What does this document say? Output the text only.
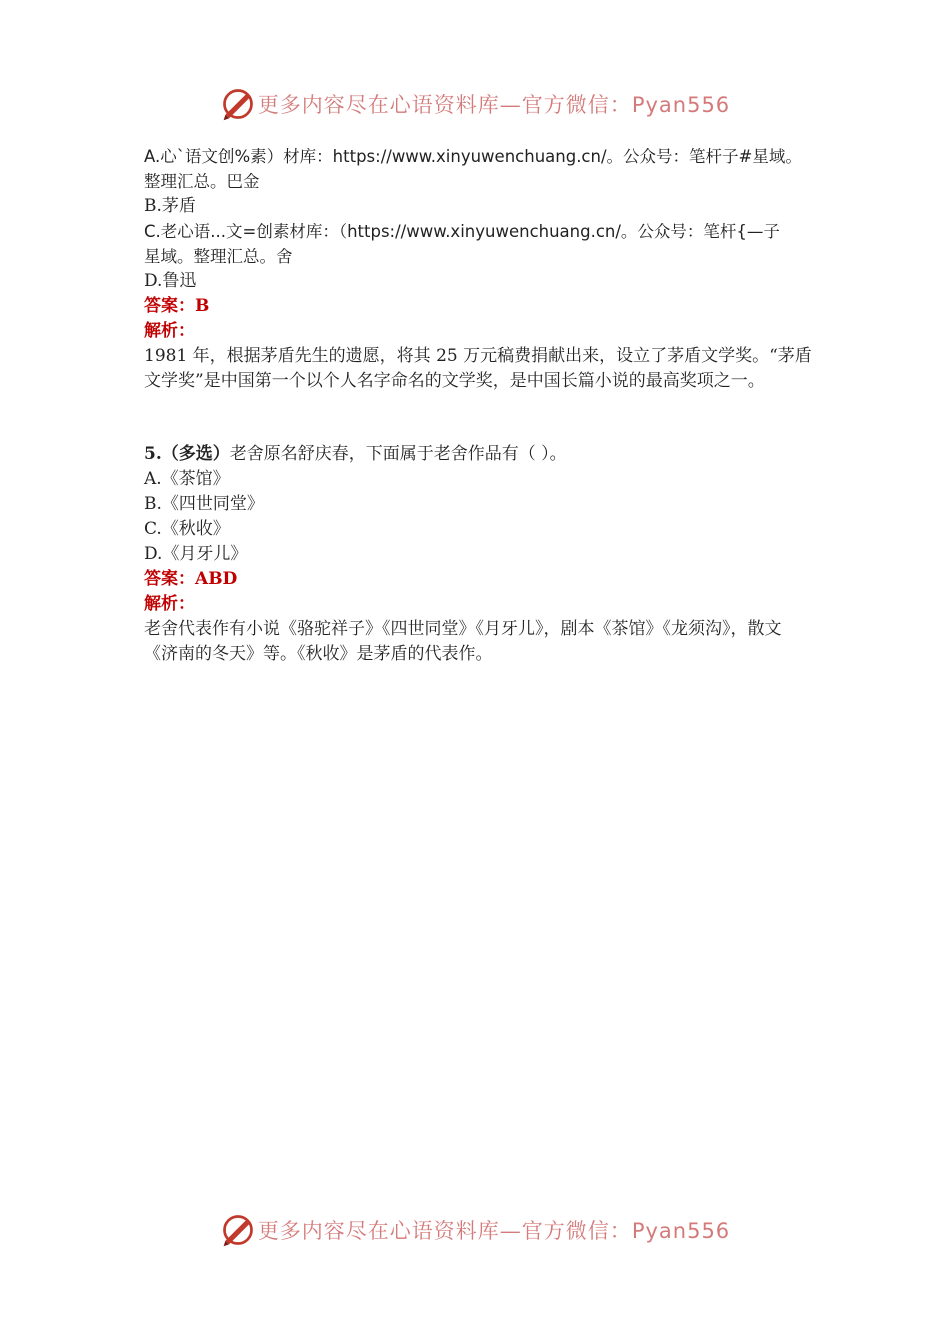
更多内容尽在心语资料库—官方微信：Pyan556
A.心`语文创%素）材库：https://www.xinyuwenchuang.cn/。公众号：笔杆子#星域。
整理汇总。巴金
B.茅盾
C.老心语...文=创素材库：（https://www.xinyuwenchuang.cn/。公众号：笔杆{—子
星域。整理汇总。舍
D.鲁迅
答案：B
解析：
1981 年，根据茅盾先生的遗愿，将其 25 万元稿费捐献出来，设立了茅盾文学奖。“茅盾文学奖”是中国第一个以个人名字命名的文学奖，是中国长篇小说的最高奖项之一。
5.（多选）老舍原名舒庆春，下面属于老舍作品有（ ）。
A.《茶馆》
B.《四世同堂》
C.《秋收》
D.《月牙儿》
答案：ABD
解析：
老舍代表作有小说《骆驼祥子》《四世同堂》《月牙儿》，剧本《茶馆》《龙须沟》，散文《济南的冬天》等。《秋收》是茅盾的代表作。
更多内容尽在心语资料库—官方微信：Pyan556
